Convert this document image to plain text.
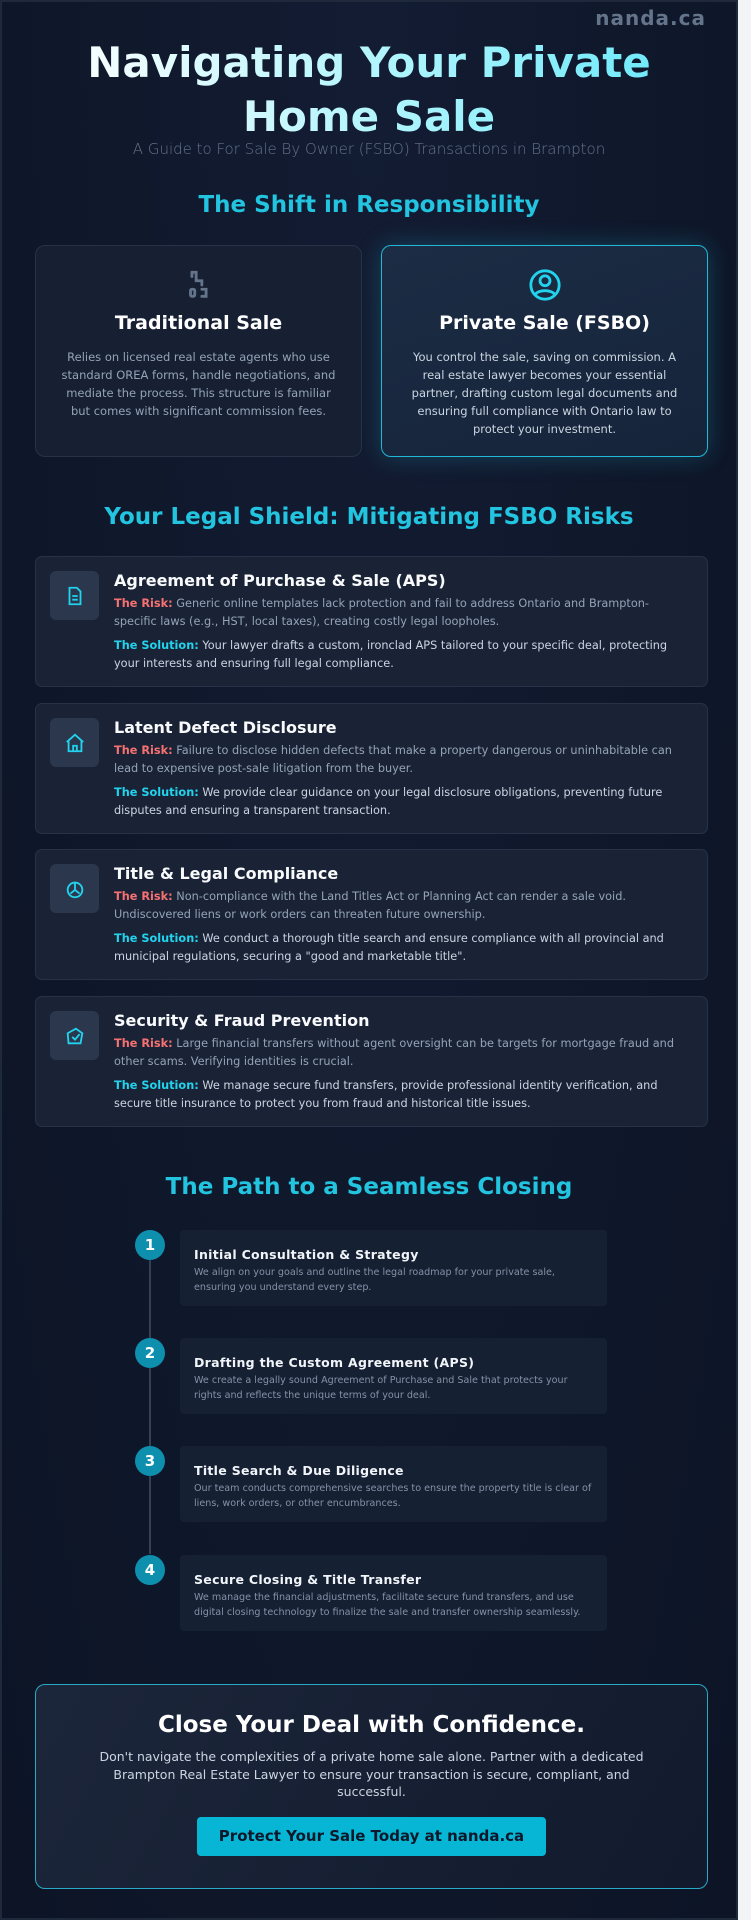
Navigating Your Private Home Sale
nanda.ca
A Guide to For Sale By Owner (FSBO) Transactions in Brampton
The Shift in Responsibility
Traditional Sale

Relies on licensed real estate agents who use standard OREA forms, handle negotiations, and mediate the process. This structure is familiar but comes with significant commission fees.

Private Sale (FSBO)

You control the sale, saving on commission. A real estate lawyer becomes your essential partner, drafting custom legal documents and ensuring full compliance with Ontario law to protect your investment.

Your Legal Shield: Mitigating FSBO Risks
Agreement of Purchase & Sale (APS)

The Risk: Generic online templates lack protection and fail to address Ontario and Brampton-specific laws (e.g., HST, local taxes), creating costly legal loopholes.

The Solution: Your lawyer drafts a custom, ironclad APS tailored to your specific deal, protecting your interests and ensuring full legal compliance.

Latent Defect Disclosure

The Risk: Failure to disclose hidden defects that make a property dangerous or uninhabitable can lead to expensive post-sale litigation from the buyer.

The Solution: We provide clear guidance on your legal disclosure obligations, preventing future disputes and ensuring a transparent transaction.

Title & Legal Compliance

The Risk: Non-compliance with the Land Titles Act or Planning Act can render a sale void. Undiscovered liens or work orders can threaten future ownership.

The Solution: We conduct a thorough title search and ensure compliance with all provincial and municipal regulations, securing a "good and marketable title".

Security & Fraud Prevention

The Risk: Large financial transfers without agent oversight can be targets for mortgage fraud and other scams. Verifying identities is crucial.

The Solution: We manage secure fund transfers, provide professional identity verification, and secure title insurance to protect you from fraud and historical title issues.

The Path to a Seamless Closing
1
Initial Consultation & Strategy

We align on your goals and outline the legal roadmap for your private sale, ensuring you understand every step.

2
Drafting the Custom Agreement (APS)

We create a legally sound Agreement of Purchase and Sale that protects your rights and reflects the unique terms of your deal.

3
Title Search & Due Diligence

Our team conducts comprehensive searches to ensure the property title is clear of liens, work orders, or other encumbrances.

4
Secure Closing & Title Transfer

We manage the financial adjustments, facilitate secure fund transfers, and use digital closing technology to finalize the sale and transfer ownership seamlessly.

Close Your Deal with Confidence.

Don't navigate the complexities of a private home sale alone. Partner with a dedicated Brampton Real Estate Lawyer to ensure your transaction is secure, compliant, and successful.

Protect Your Sale Today at nanda.ca
